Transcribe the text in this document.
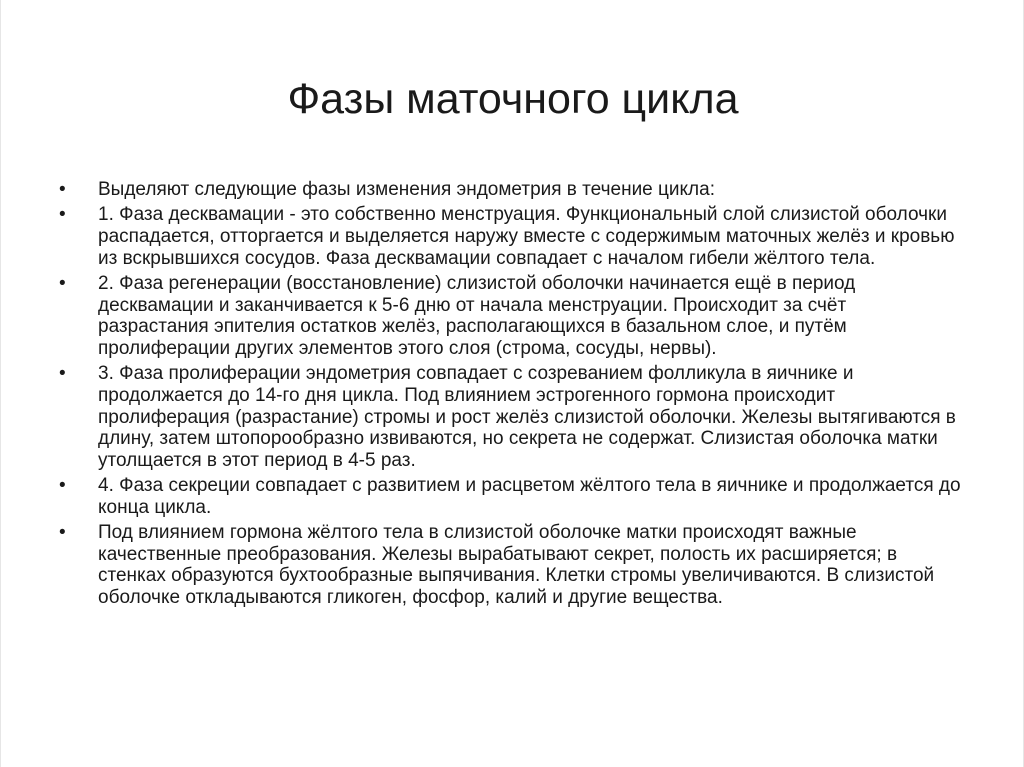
Фазы маточного цикла
•	Выделяют следующие фазы изменения эндометрия в течение цикла:
•	1. Фаза десквамации - это собственно менструация. Функциональный слой слизистой оболочки распадается, отторгается и выделяется наружу вместе с содержимым маточных желёз и кровью из вскрывшихся сосудов. Фаза десквамации совпадает с началом гибели жёлтого тела.
•	2. Фаза регенерации (восстановление) слизистой оболочки начинается ещё в период десквамации и заканчивается к 5-6 дню от начала менструации. Происходит за счёт разрастания эпителия остатков желёз, располагающихся в базальном слое, и путём пролиферации других элементов этого слоя (строма, сосуды, нервы).
•	3. Фаза пролиферации эндометрия совпадает с созреванием фолликула в яичнике и продолжается до 14-го дня цикла. Под влиянием эстрогенного гормона происходит пролиферация (разрастание) стромы и рост желёз слизистой оболочки. Железы вытягиваются в длину, затем штопорообразно извиваются, но секрета не содержат. Слизистая оболочка матки утолщается в этот период в 4-5 раз.
•	4. Фаза секреции совпадает с развитием и расцветом жёлтого тела в яичнике и продолжается до конца цикла.
•	Под влиянием гормона жёлтого тела в слизистой оболочке матки происходят важные качественные преобразования. Железы вырабатывают секрет, полость их расширяется; в стенках образуются бухтообразные выпячивания. Клетки стромы увеличиваются. В слизистой оболочке откладываются гликоген, фосфор, калий и другие вещества.
